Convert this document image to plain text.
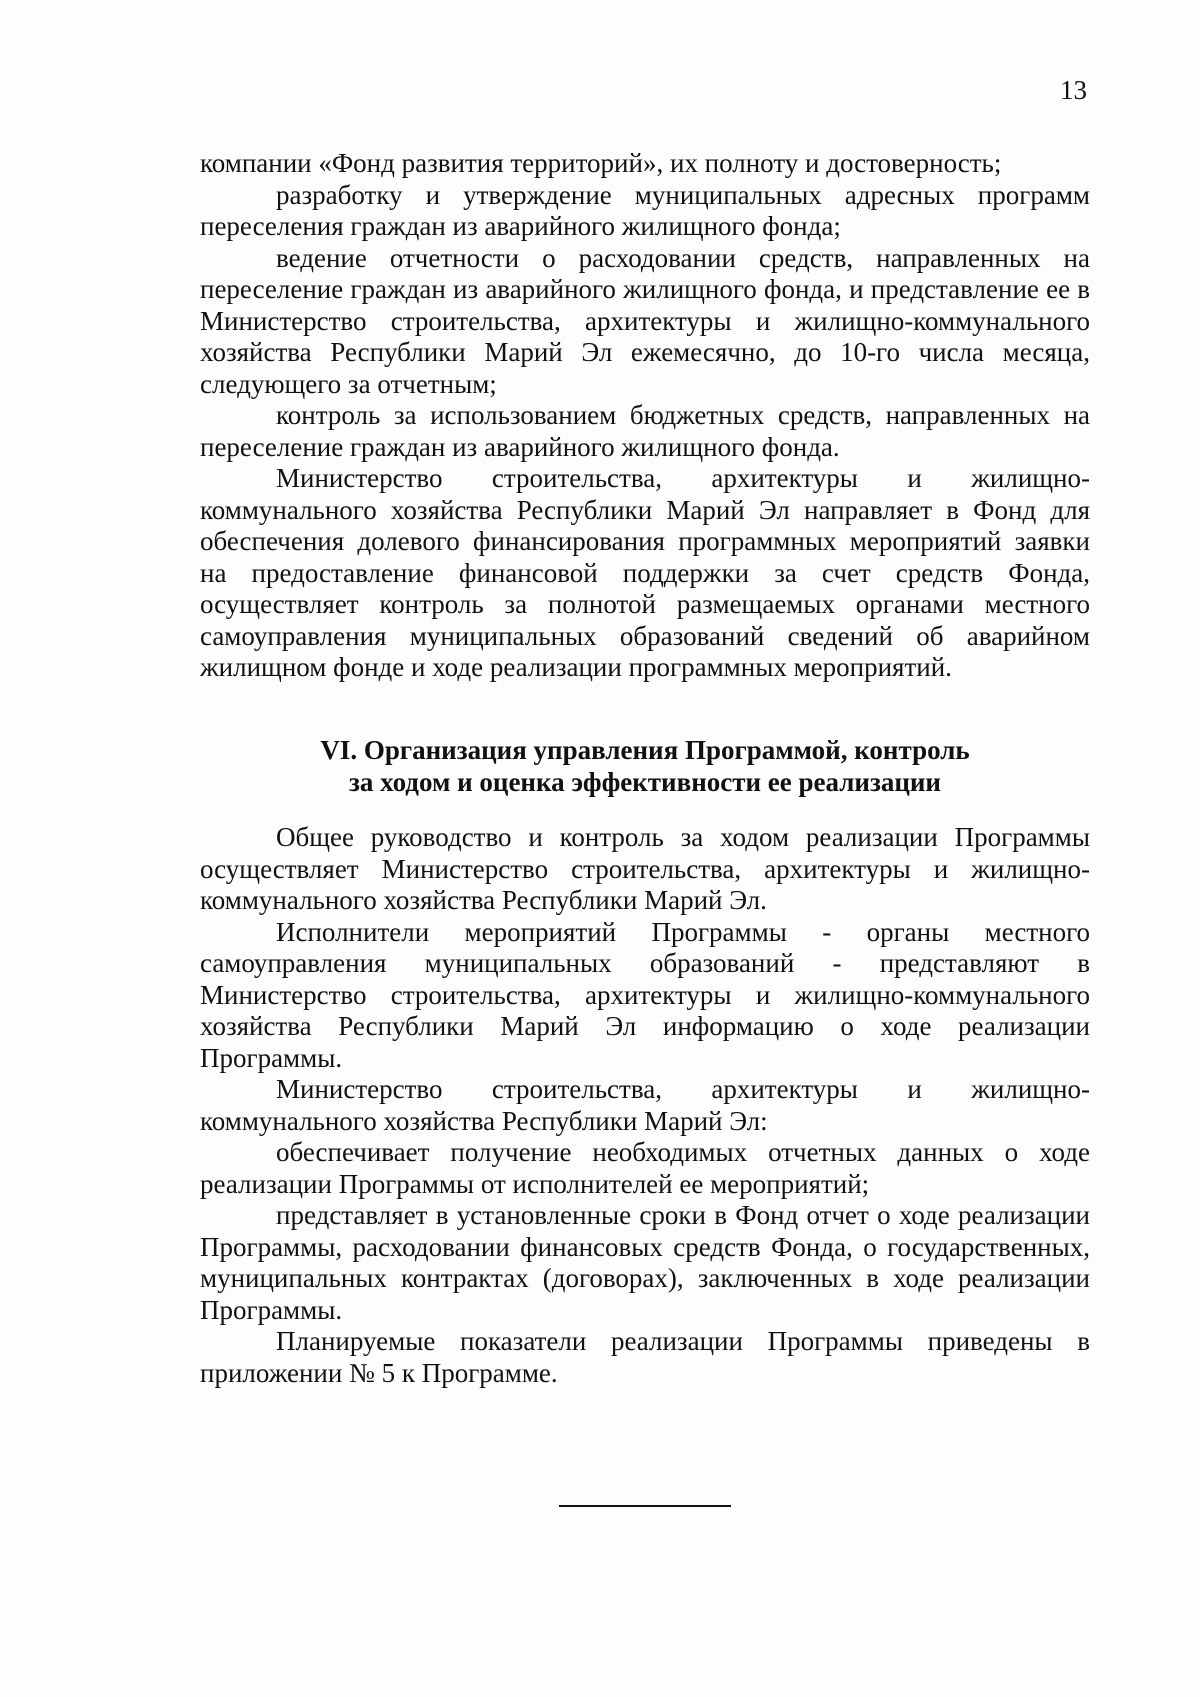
13

компании «Фонд развития территорий», их полноту и достоверность;

разработку и утверждение муниципальных адресных программ переселения граждан из аварийного жилищного фонда;

ведение отчетности о расходовании средств, направленных на переселение граждан из аварийного жилищного фонда, и представление ее в Министерство строительства, архитектуры и жилищно-коммунального хозяйства Республики Марий Эл ежемесячно, до 10-го числа месяца, следующего за отчетным;

контроль за использованием бюджетных средств, направленных на переселение граждан из аварийного жилищного фонда.

Министерство строительства, архитектуры и жилищно-коммунального хозяйства Республики Марий Эл направляет в Фонд для обеспечения долевого финансирования программных мероприятий заявки на предоставление финансовой поддержки за счет средств Фонда, осуществляет контроль за полнотой размещаемых органами местного самоуправления муниципальных образований сведений об аварийном жилищном фонде и ходе реализации программных мероприятий.

VI. Организация управления Программой, контроль
за ходом и оценка эффективности ее реализации

Общее руководство и контроль за ходом реализации Программы осуществляет Министерство строительства, архитектуры и жилищно-коммунального хозяйства Республики Марий Эл.

Исполнители мероприятий Программы - органы местного самоуправления муниципальных образований - представляют в Министерство строительства, архитектуры и жилищно-коммунального хозяйства Республики Марий Эл информацию о ходе реализации Программы.

Министерство строительства, архитектуры и жилищно-коммунального хозяйства Республики Марий Эл:

обеспечивает получение необходимых отчетных данных о ходе реализации Программы от исполнителей ее мероприятий;

представляет в установленные сроки в Фонд отчет о ходе реализации Программы, расходовании финансовых средств Фонда, о государственных, муниципальных контрактах (договорах), заключенных в ходе реализации Программы.

Планируемые показатели реализации Программы приведены в приложении № 5 к Программе.
